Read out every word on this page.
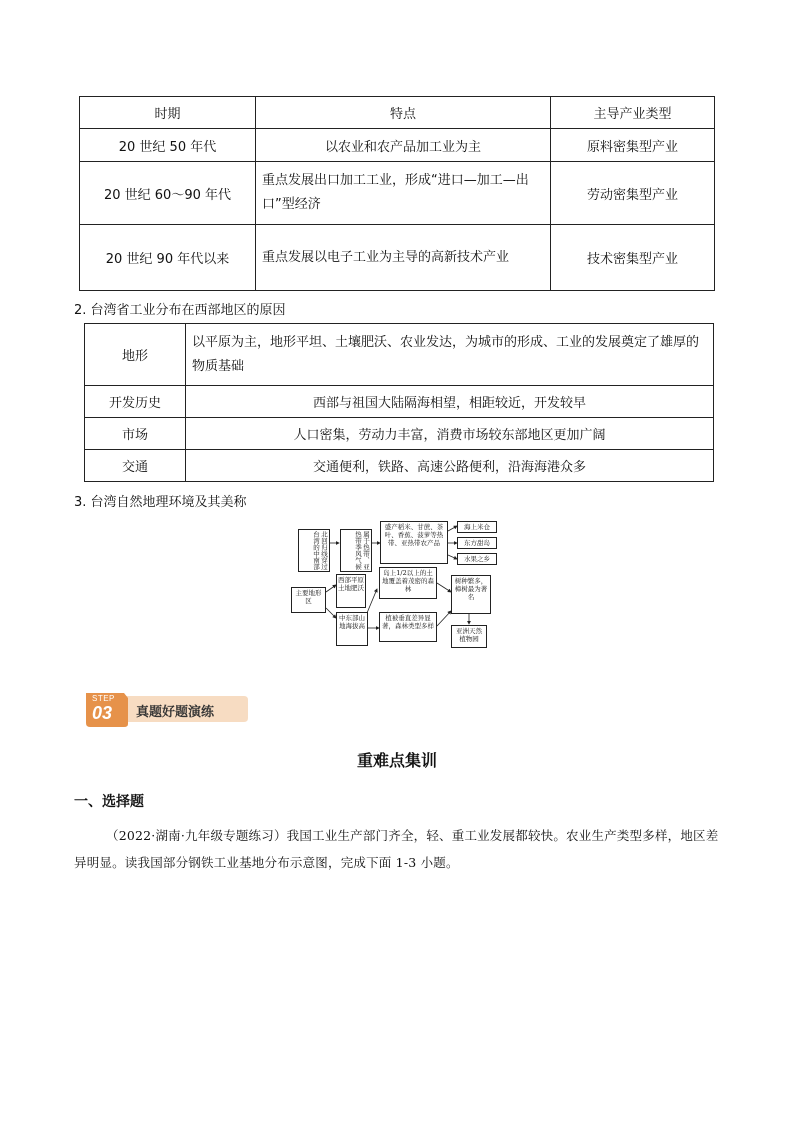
时期	特点	主导产业类型
20 世纪 50 年代	以农业和农产品加工业为主	原料密集型产业
20 世纪 60～90 年代	重点发展出口加工工业，形成“进口—加工—出口”型经济	劳动密集型产业
20 世纪 90 年代以来	重点发展以电子工业为主导的高新技术产业	技术密集型产业
2. 台湾省工业分布在西部地区的原因
地形	以平原为主，地形平坦、土壤肥沃、农业发达，为城市的形成、工业的发展奠定了雄厚的物质基础
开发历史	西部与祖国大陆隔海相望，相距较近，开发较早
市场	人口密集，劳动力丰富，消费市场较东部地区更加广阔
交通	交通便利，铁路、高速公路便利，沿海海港众多
3. 台湾自然地理环境及其美称
北回归线穿过台湾的中南部	属于热带、亚热带季风气候
盛产稻米、甘蔗、茶叶、香蕉、菠萝等热带、亚热带农产品
海上米仓
东方甜岛
水果之乡
主要地形区
西部平原土地肥沃
中东部山地海拔高
岛上1/2以上的土地覆盖着茂密的森林
植被垂直差异显著，森林类型多样
树种繁多，樟树最为著名
亚洲天然植物园
STEP
03 真题好题演练
重难点集训
一、选择题
（2022·湖南·九年级专题练习）我国工业生产部门齐全，轻、重工业发展都较快。农业生产类型多样，地区差异明显。读我国部分钢铁工业基地分布示意图，完成下面 1-3 小题。
